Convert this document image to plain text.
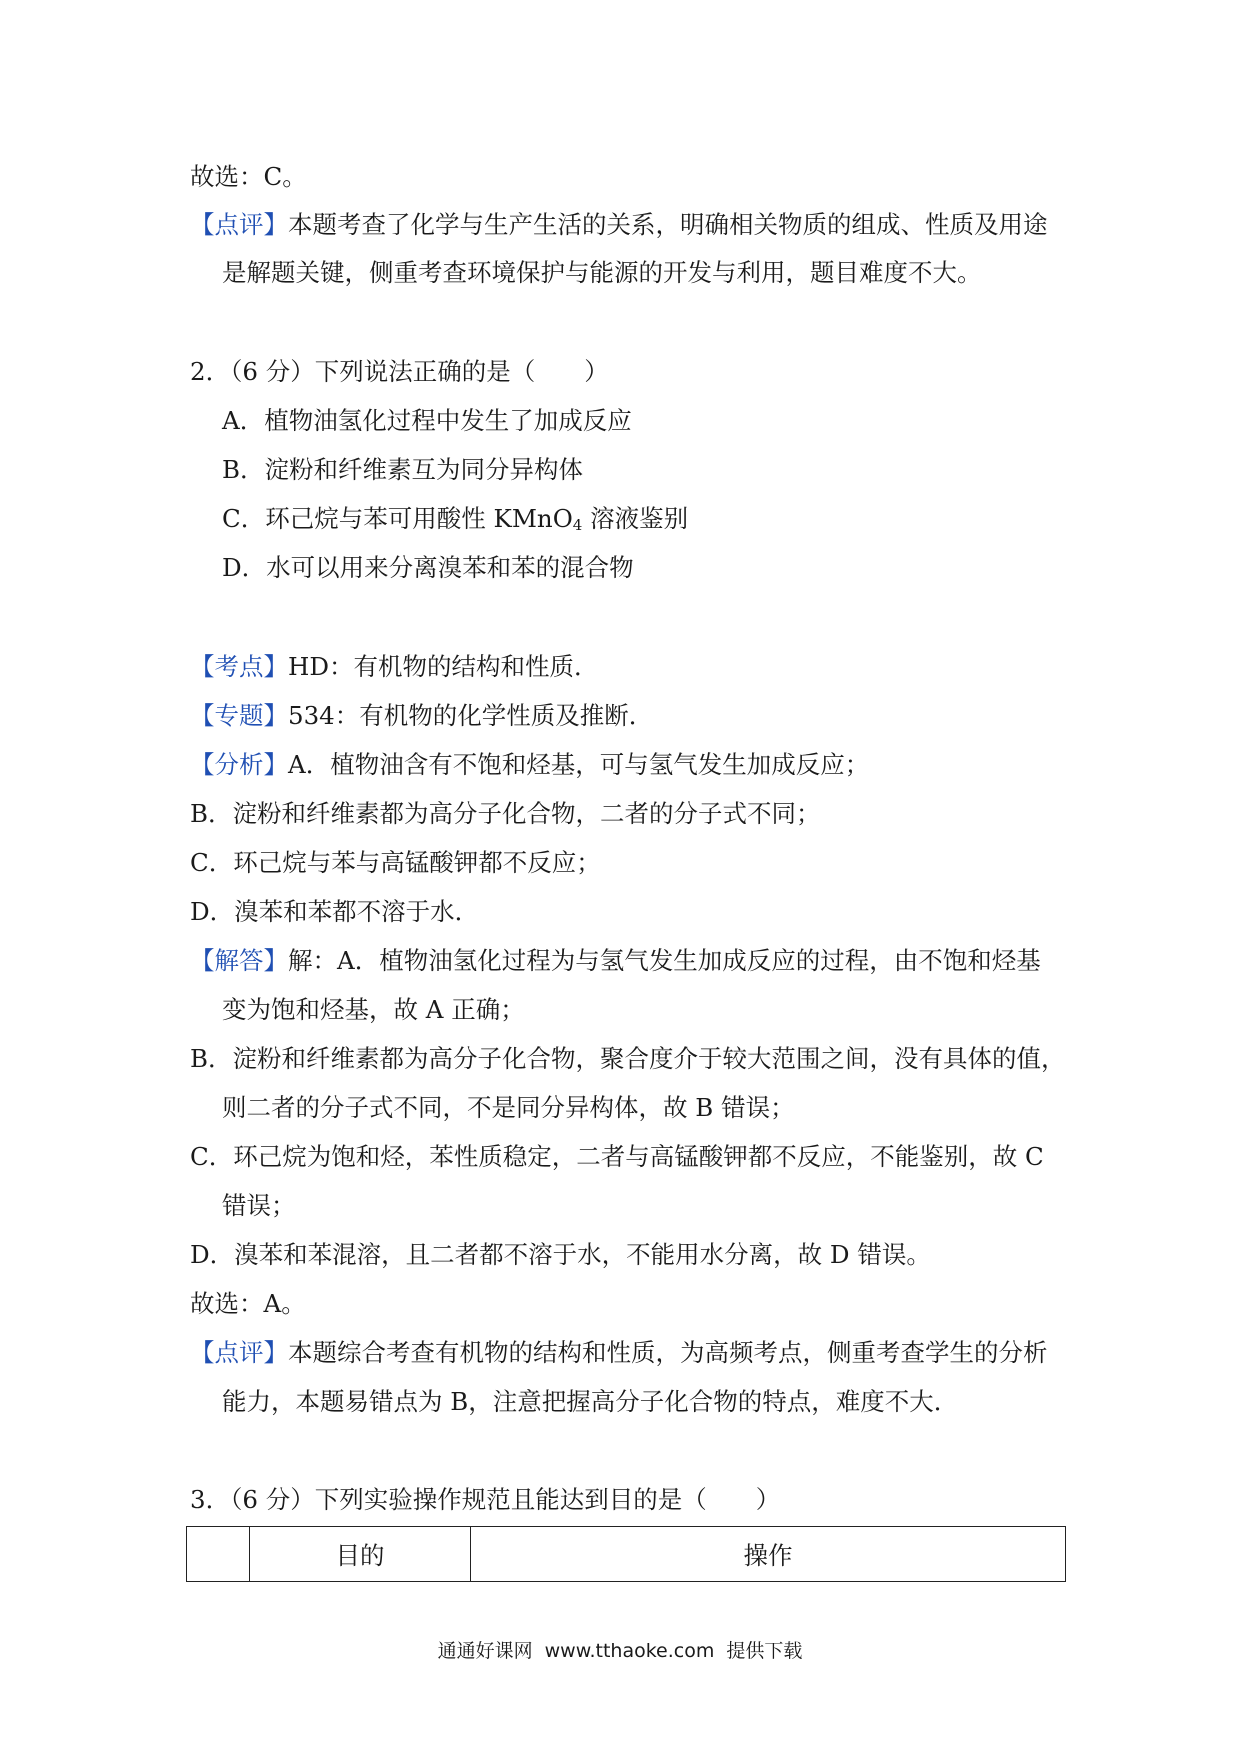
故选：C。
【点评】本题考查了化学与生产生活的关系，明确相关物质的组成、性质及用途
是解题关键，侧重考查环境保护与能源的开发与利用，题目难度不大。
2．（6 分）下列说法正确的是（　　）
A．植物油氢化过程中发生了加成反应
B．淀粉和纤维素互为同分异构体
C．环己烷与苯可用酸性 KMnO$_4$ 溶液鉴别
D．水可以用来分离溴苯和苯的混合物
【考点】HD：有机物的结构和性质．
【专题】534：有机物的化学性质及推断．
【分析】A．植物油含有不饱和烃基，可与氢气发生加成反应；
B．淀粉和纤维素都为高分子化合物，二者的分子式不同；
C．环己烷与苯与高锰酸钾都不反应；
D．溴苯和苯都不溶于水．
【解答】解：A．植物油氢化过程为与氢气发生加成反应的过程，由不饱和烃基
变为饱和烃基，故 A 正确；
B．淀粉和纤维素都为高分子化合物，聚合度介于较大范围之间，没有具体的值，
则二者的分子式不同，不是同分异构体，故 B 错误；
C．环己烷为饱和烃，苯性质稳定，二者与高锰酸钾都不反应，不能鉴别，故 C
错误；
D．溴苯和苯混溶，且二者都不溶于水，不能用水分离，故 D 错误。
故选：A。
【点评】本题综合考查有机物的结构和性质，为高频考点，侧重考查学生的分析
能力，本题易错点为 B，注意把握高分子化合物的特点，难度不大．
3．（6 分）下列实验操作规范且能达到目的是（　　）
	目的	操作
通通好课网 www.tthaoke.com 提供下载
